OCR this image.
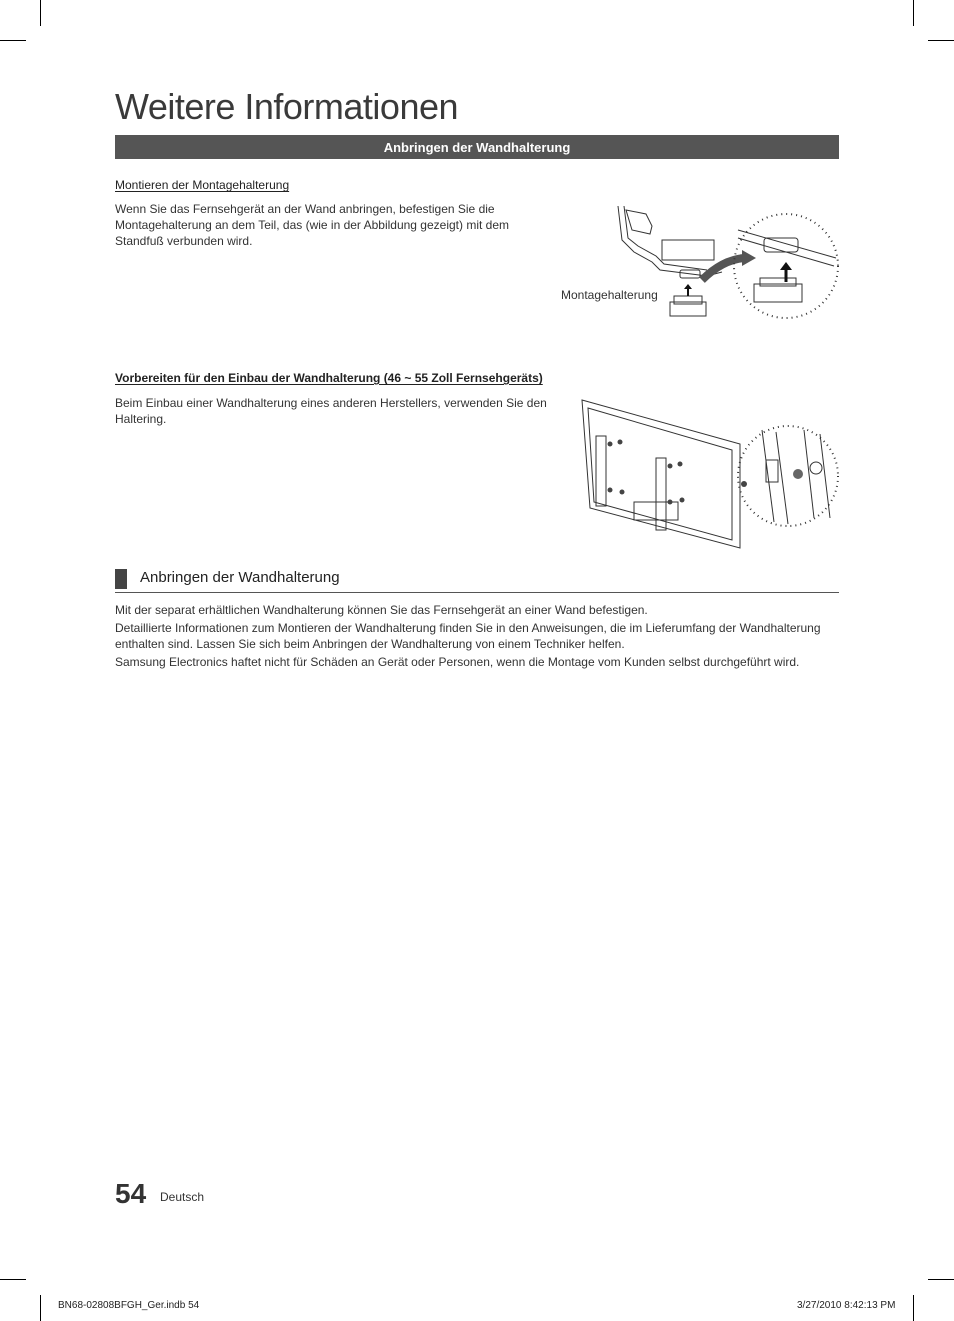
Weitere Informationen
Anbringen der Wandhalterung
Montieren der Montagehalterung
Wenn Sie das Fernsehgerät an der Wand anbringen, befestigen Sie die Montagehalterung an dem Teil, das (wie in der Abbildung gezeigt) mit dem Standfuß verbunden wird.
Montagehalterung
Vorbereiten für den Einbau der Wandhalterung (46 ~ 55 Zoll Fernsehgeräts)
Beim Einbau einer Wandhalterung eines anderen Herstellers, verwenden Sie den Haltering.
Anbringen der Wandhalterung

Mit der separat erhältlichen Wandhalterung können Sie das Fernsehgerät an einer Wand befestigen.

Detaillierte Informationen zum Montieren der Wandhalterung finden Sie in den Anweisungen, die im Lieferumfang der Wandhalterung enthalten sind. Lassen Sie sich beim Anbringen der Wandhalterung von einem Techniker helfen.

Samsung Electronics haftet nicht für Schäden an Gerät oder Personen, wenn die Montage vom Kunden selbst durchgeführt wird.

54 Deutsch
BN68-02808BFGH_Ger.indb 54	3/27/2010 8:42:13 PM
